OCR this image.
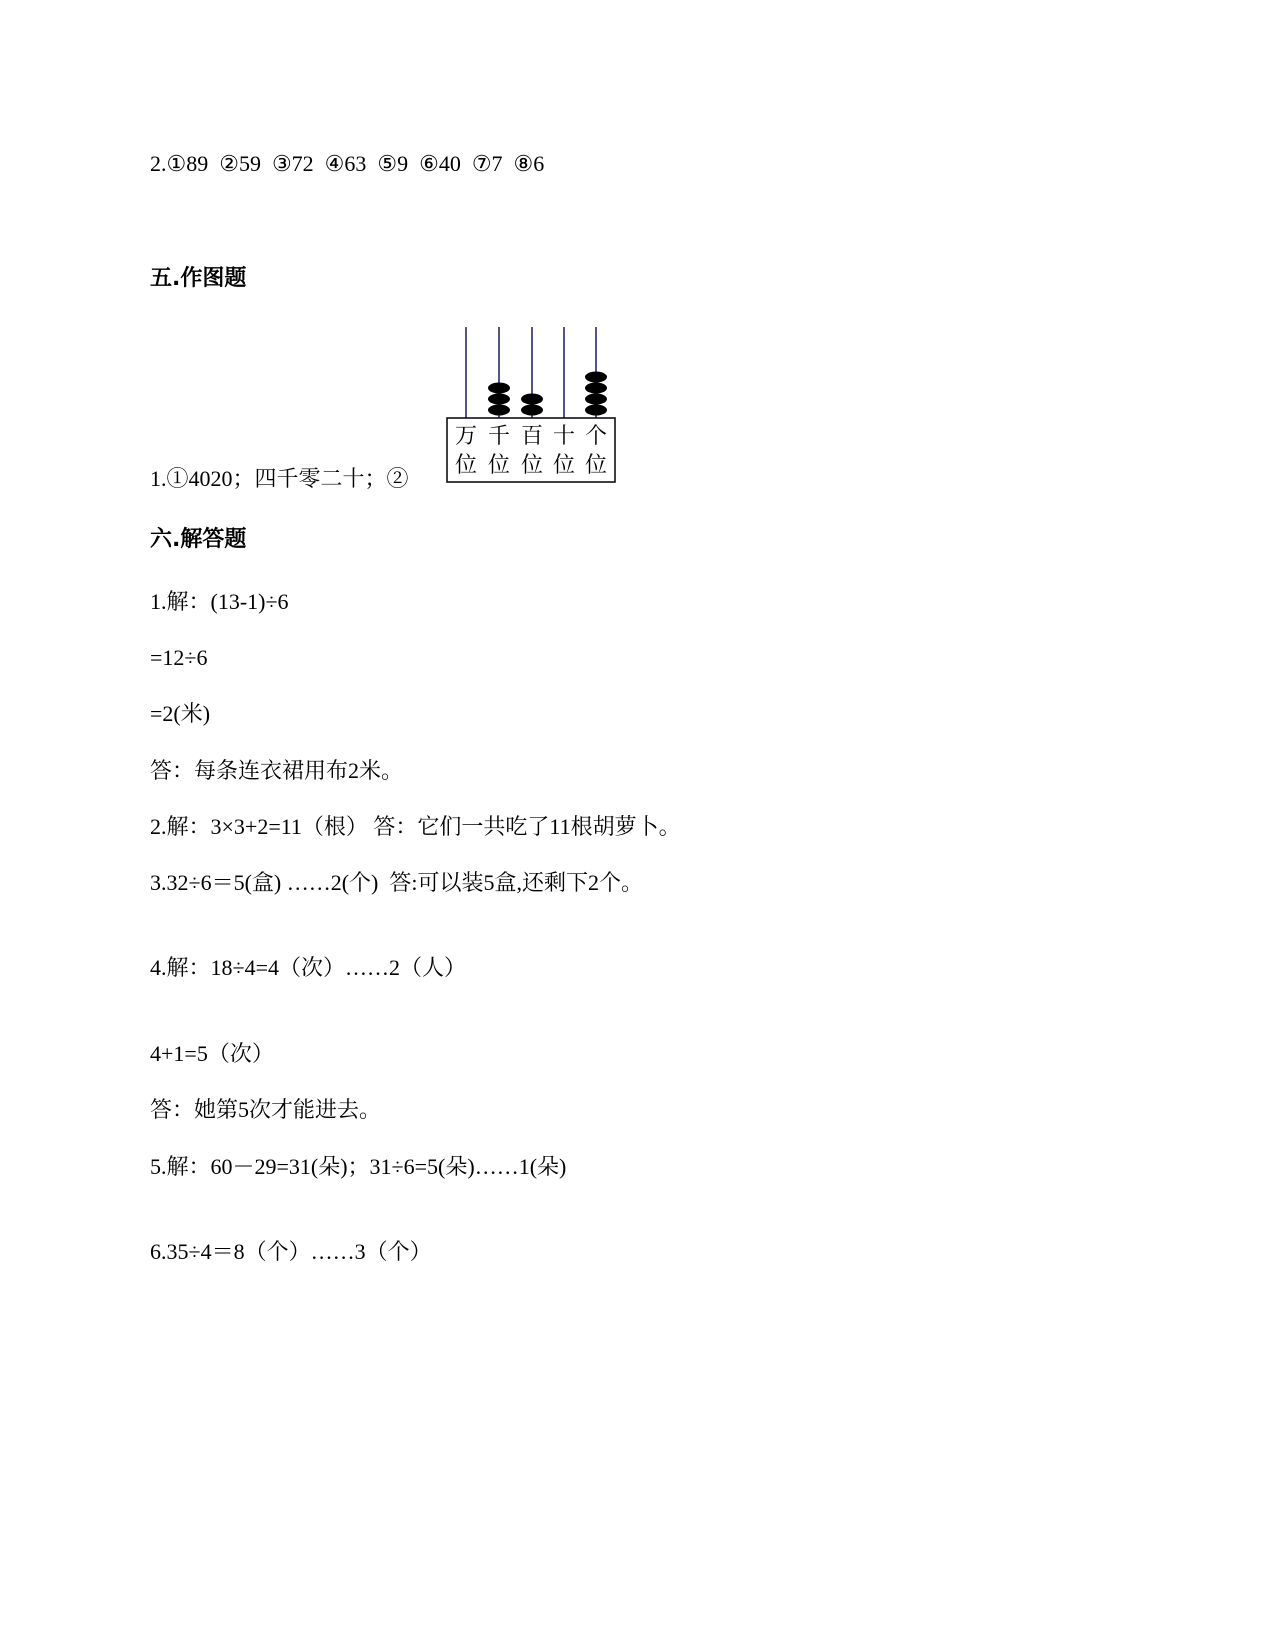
2.①89  ②59  ③72  ④63  ⑤9  ⑥40  ⑦7  ⑧6
五.作图题
1.①4020；四千零二十；②
万
位
千
位
百
位
十
位
个
位
六.解答题
1.解：(13-1)÷6
=12÷6
=2(米)
答：每条连衣裙用布2米。
2.解：3×3+2=11（根） 答：它们一共吃了11根胡萝卜。
3.32÷6＝5(盒) ……2(个)  答:可以装5盒,还剩下2个。
4.解：18÷4=4（次）……2（人）
4+1=5（次）
答：她第5次才能进去。
5.解：60－29=31(朵)；31÷6=5(朵)……1(朵)
6.35÷4＝8（个）……3（个）
